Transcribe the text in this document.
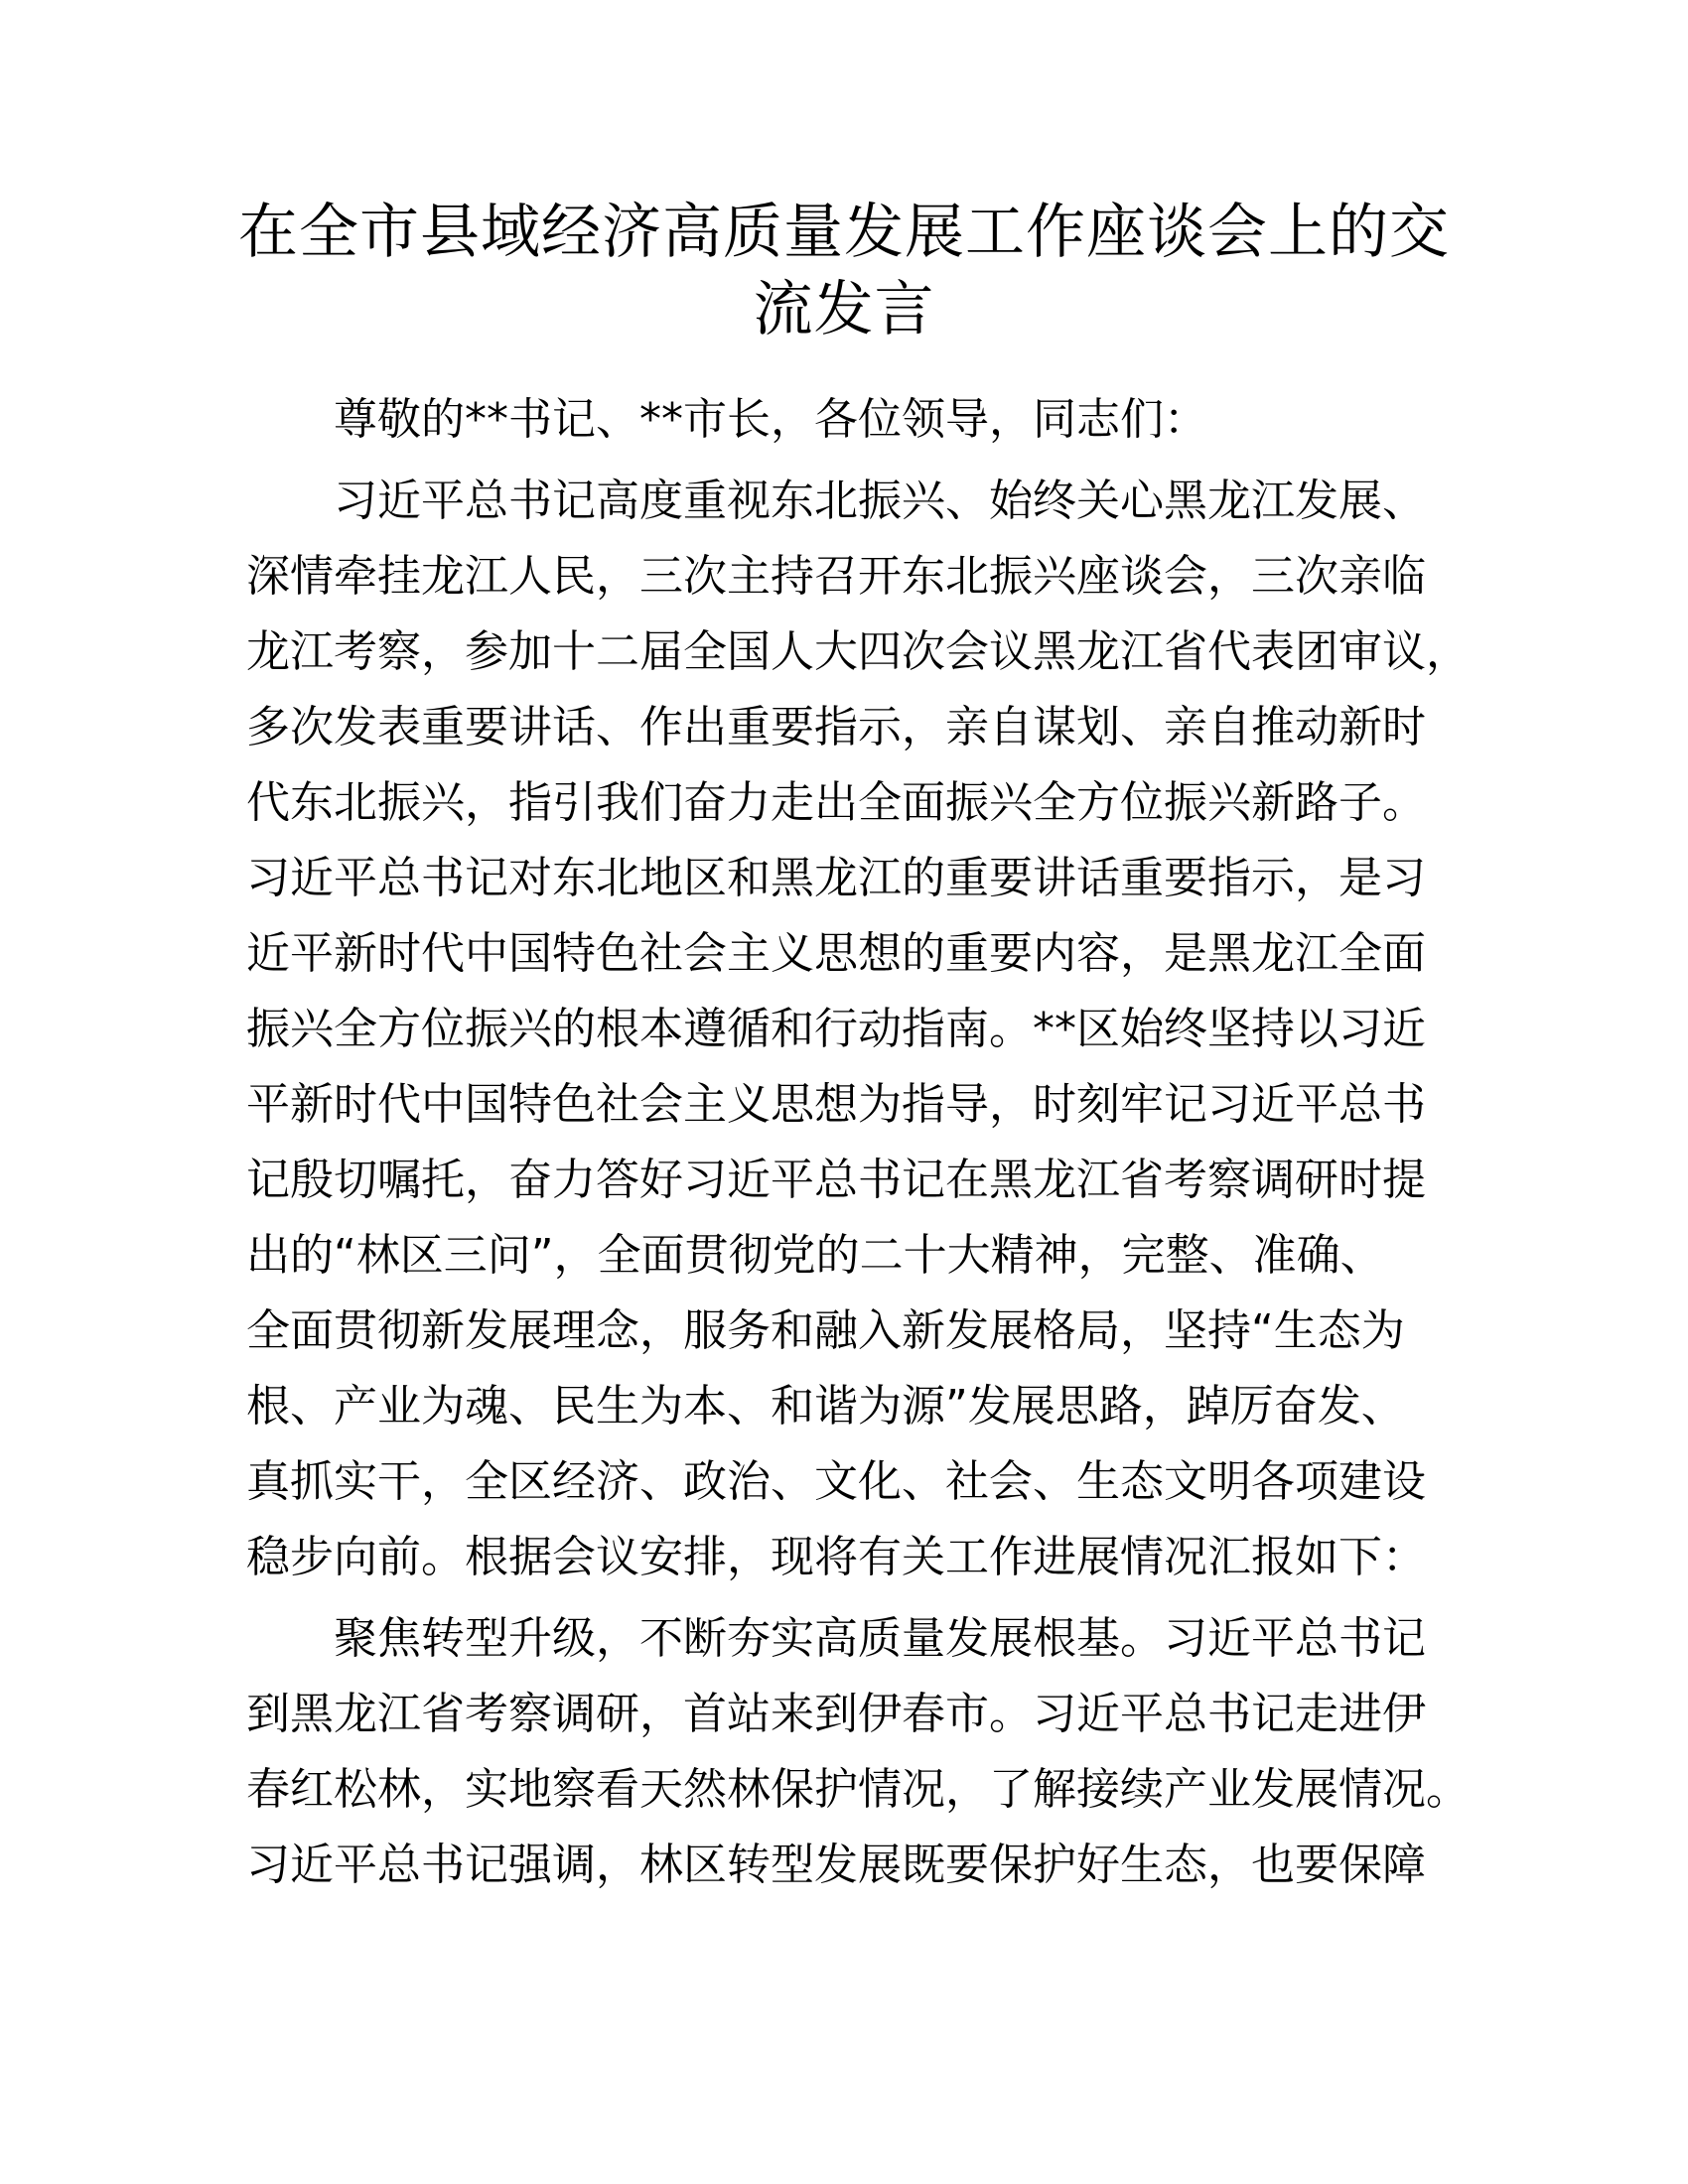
在全市县域经济高质量发展工作座谈会上的交
流发言

尊敬的**书记、**市长，各位领导，同志们：

习近平总书记高度重视东北振兴、始终关心黑龙江发展、
深情牵挂龙江人民，三次主持召开东北振兴座谈会，三次亲临
龙江考察，参加十二届全国人大四次会议黑龙江省代表团审议，
多次发表重要讲话、作出重要指示，亲自谋划、亲自推动新时
代东北振兴，指引我们奋力走出全面振兴全方位振兴新路子。
习近平总书记对东北地区和黑龙江的重要讲话重要指示，是习
近平新时代中国特色社会主义思想的重要内容，是黑龙江全面
振兴全方位振兴的根本遵循和行动指南。**区始终坚持以习近
平新时代中国特色社会主义思想为指导，时刻牢记习近平总书
记殷切嘱托，奋力答好习近平总书记在黑龙江省考察调研时提
出的“林区三问”，全面贯彻党的二十大精神，完整、准确、
全面贯彻新发展理念，服务和融入新发展格局，坚持“生态为
根、产业为魂、民生为本、和谐为源”发展思路，踔厉奋发、
真抓实干，全区经济、政治、文化、社会、生态文明各项建设
稳步向前。根据会议安排，现将有关工作进展情况汇报如下：

聚焦转型升级，不断夯实高质量发展根基。习近平总书记
到黑龙江省考察调研，首站来到伊春市。习近平总书记走进伊
春红松林，实地察看天然林保护情况，了解接续产业发展情况。
习近平总书记强调，林区转型发展既要保护好生态，也要保障
